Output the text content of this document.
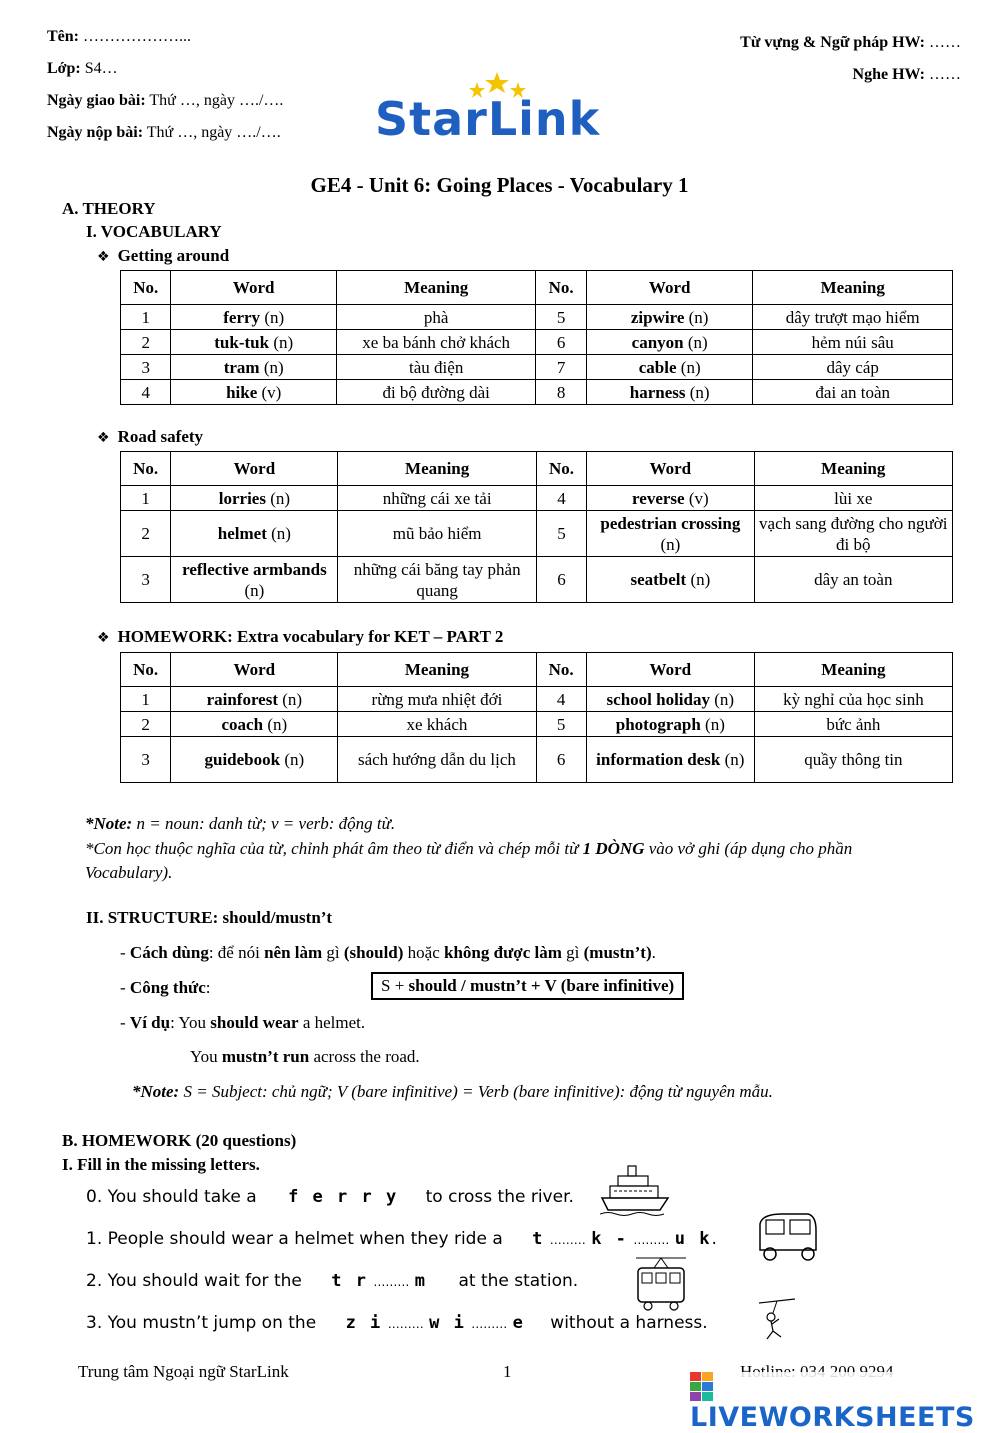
Tên: ………………...
Lớp: S4…
Ngày giao bài: Thứ …, ngày …./….
Ngày nộp bài: Thứ …, ngày …./….
Từ vựng & Ngữ pháp HW: ……
Nghe HW: ……
StarLink
GE4 - Unit 6: Going Places - Vocabulary 1
A. THEORY
I. VOCABULARY
❖ Getting around
No.	Word	Meaning	No.	Word	Meaning
1	ferry (n)	phà	5	zipwire (n)	dây trượt mạo hiểm
2	tuk-tuk (n)	xe ba bánh chở khách	6	canyon (n)	hẻm núi sâu
3	tram (n)	tàu điện	7	cable (n)	dây cáp
4	hike (v)	đi bộ đường dài	8	harness (n)	đai an toàn
❖ Road safety
No.	Word	Meaning	No.	Word	Meaning
1	lorries (n)	những cái xe tải	4	reverse (v)	lùi xe
2	helmet (n)	mũ bảo hiểm	5	pedestrian crossing (n)	vạch sang đường cho người đi bộ
3	reflective armbands (n)	những cái băng tay phản quang	6	seatbelt (n)	dây an toàn
❖ HOMEWORK: Extra vocabulary for KET – PART 2
No.	Word	Meaning	No.	Word	Meaning
1	rainforest (n)	rừng mưa nhiệt đới	4	school holiday (n)	kỳ nghỉ của học sinh
2	coach (n)	xe khách	5	photograph (n)	bức ảnh
3	guidebook (n)	sách hướng dẫn du lịch	6	information desk (n)	quầy thông tin
*Note: n = noun: danh từ; v = verb: động từ.
*Con học thuộc nghĩa của từ, chỉnh phát âm theo từ điển và chép mỗi từ 1 DÒNG vào vở ghi (áp dụng cho phần Vocabulary).
II. STRUCTURE: should/mustn’t
- Cách dùng: để nói nên làm gì (should) hoặc không được làm gì (mustn’t).
- Công thức:	S + should / mustn’t + V (bare infinitive)
- Ví dụ: You should wear a helmet.
You mustn’t run across the road.
*Note: S = Subject: chủ ngữ; V (bare infinitive) = Verb (bare infinitive): động từ nguyên mẫu.
B. HOMEWORK (20 questions)
I. Fill in the missing letters.
0. You should take a f e r r y to cross the river.
1. People should wear a helmet when they ride a t ……… k - ……… u k.
2. You should wait for the t r ……… m at the station.
3. You mustn’t jump on the z i ……… w i ……… e without a harness.
Trung tâm Ngoại ngữ StarLink	1
LIVEWORKSHEETS
